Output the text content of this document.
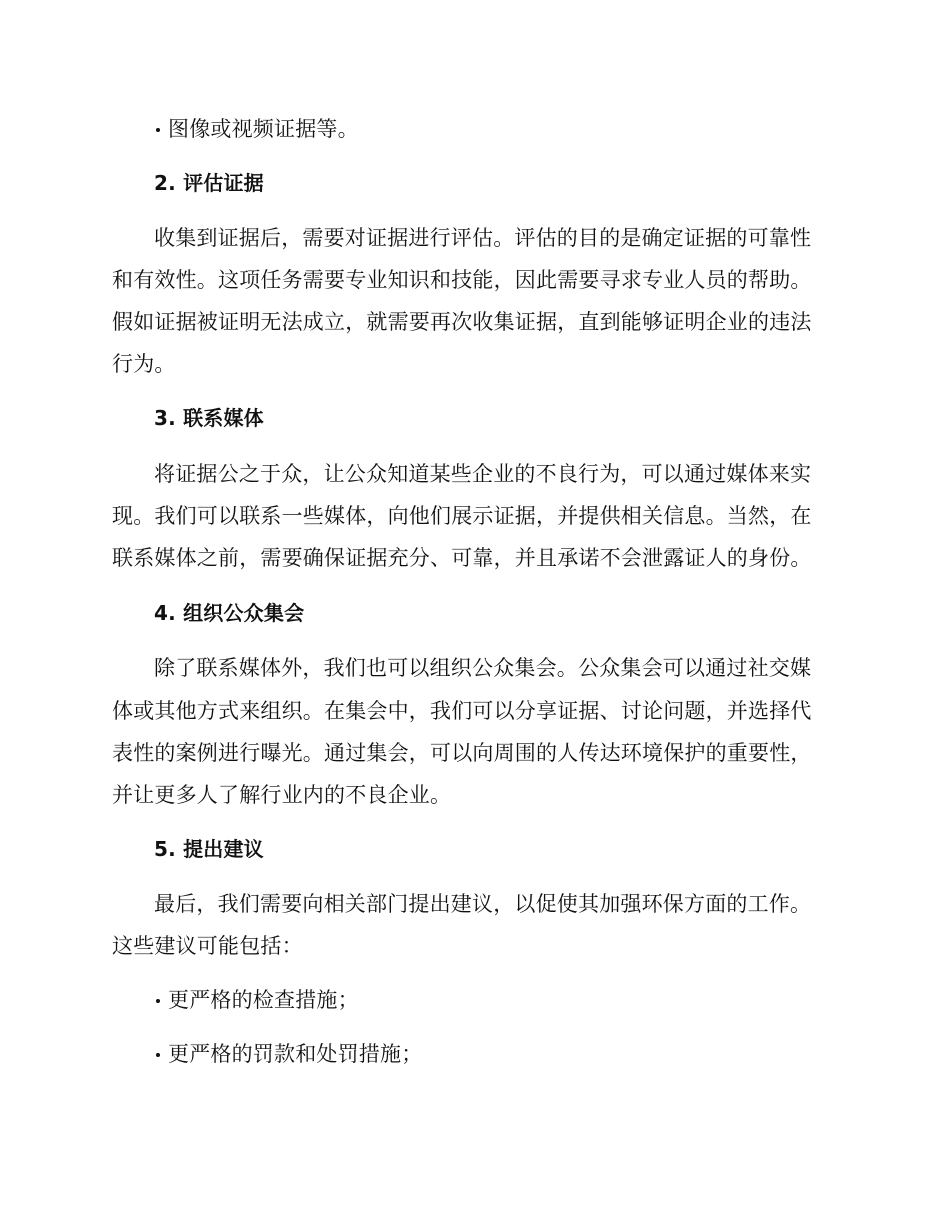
图像或视频证据等。
2. 评估证据
收集到证据后，需要对证据进行评估。评估的目的是确定证据的可靠性
和有效性。这项任务需要专业知识和技能，因此需要寻求专业人员的帮助。
假如证据被证明无法成立，就需要再次收集证据，直到能够证明企业的违法
行为。
3. 联系媒体
将证据公之于众，让公众知道某些企业的不良行为，可以通过媒体来实
现。我们可以联系一些媒体，向他们展示证据，并提供相关信息。当然，在
联系媒体之前，需要确保证据充分、可靠，并且承诺不会泄露证人的身份。
4. 组织公众集会
除了联系媒体外，我们也可以组织公众集会。公众集会可以通过社交媒
体或其他方式来组织。在集会中，我们可以分享证据、讨论问题，并选择代
表性的案例进行曝光。通过集会，可以向周围的人传达环境保护的重要性，
并让更多人了解行业内的不良企业。
5. 提出建议
最后，我们需要向相关部门提出建议，以促使其加强环保方面的工作。
这些建议可能包括：
更严格的检查措施；
更严格的罚款和处罚措施；
